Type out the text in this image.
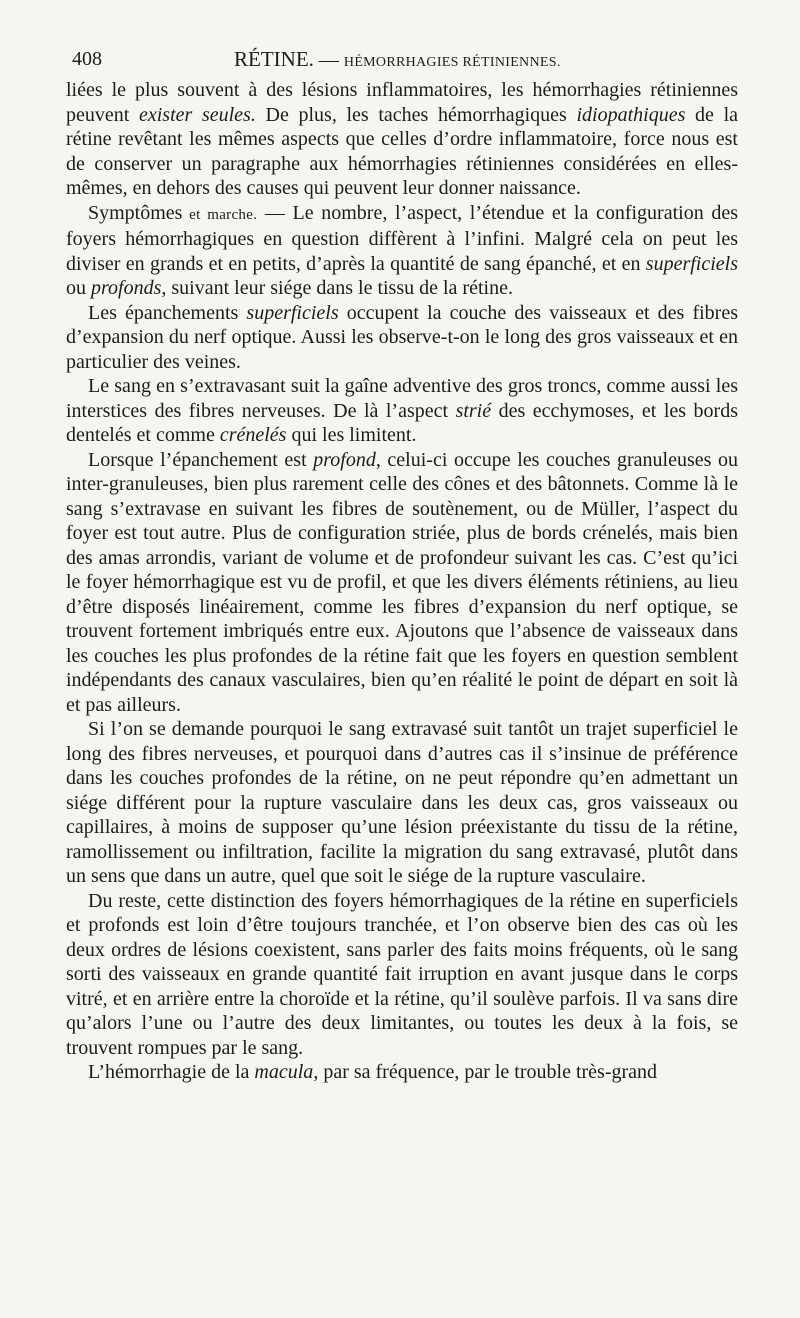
408	RÉTINE. — HÉMORRHAGIES RÉTINIENNES.

liées le plus souvent à des lésions inflammatoires, les hémorrhagies rétiniennes peuvent exister seules. De plus, les taches hémorrhagiques idiopathiques de la rétine revêtant les mêmes aspects que celles d’ordre inflammatoire, force nous est de conserver un paragraphe aux hémorrhagies rétiniennes considérées en elles-mêmes, en dehors des causes qui peuvent leur donner naissance.

Symptômes et marche. — Le nombre, l’aspect, l’étendue et la configuration des foyers hémorrhagiques en question diffèrent à l’infini. Malgré cela on peut les diviser en grands et en petits, d’après la quantité de sang épanché, et en superficiels ou profonds, suivant leur siége dans le tissu de la rétine.

Les épanchements superficiels occupent la couche des vaisseaux et des fibres d’expansion du nerf optique. Aussi les observe-t-on le long des gros vaisseaux et en particulier des veines.

Le sang en s’extravasant suit la gaîne adventive des gros troncs, comme aussi les interstices des fibres nerveuses. De là l’aspect strié des ecchymoses, et les bords dentelés et comme crénelés qui les limitent.

Lorsque l’épanchement est profond, celui-ci occupe les couches granuleuses ou inter-granuleuses, bien plus rarement celle des cônes et des bâtonnets. Comme là le sang s’extravase en suivant les fibres de soutènement, ou de Müller, l’aspect du foyer est tout autre. Plus de configuration striée, plus de bords crénelés, mais bien des amas arrondis, variant de volume et de profondeur suivant les cas. C’est qu’ici le foyer hémorrhagique est vu de profil, et que les divers éléments rétiniens, au lieu d’être disposés linéairement, comme les fibres d’expansion du nerf optique, se trouvent fortement imbriqués entre eux. Ajoutons que l’absence de vaisseaux dans les couches les plus profondes de la rétine fait que les foyers en question semblent indépendants des canaux vasculaires, bien qu’en réalité le point de départ en soit là et pas ailleurs.

Si l’on se demande pourquoi le sang extravasé suit tantôt un trajet superficiel le long des fibres nerveuses, et pourquoi dans d’autres cas il s’insinue de préférence dans les couches profondes de la rétine, on ne peut répondre qu’en admettant un siége différent pour la rupture vasculaire dans les deux cas, gros vaisseaux ou capillaires, à moins de supposer qu’une lésion préexistante du tissu de la rétine, ramollissement ou infiltration, facilite la migration du sang extravasé, plutôt dans un sens que dans un autre, quel que soit le siége de la rupture vasculaire.

Du reste, cette distinction des foyers hémorrhagiques de la rétine en superficiels et profonds est loin d’être toujours tranchée, et l’on observe bien des cas où les deux ordres de lésions coexistent, sans parler des faits moins fréquents, où le sang sorti des vaisseaux en grande quantité fait irruption en avant jusque dans le corps vitré, et en arrière entre la choroïde et la rétine, qu’il soulève parfois. Il va sans dire qu’alors l’une ou l’autre des deux limitantes, ou toutes les deux à la fois, se trouvent rompues par le sang.

L’hémorrhagie de la macula, par sa fréquence, par le trouble très-grand
